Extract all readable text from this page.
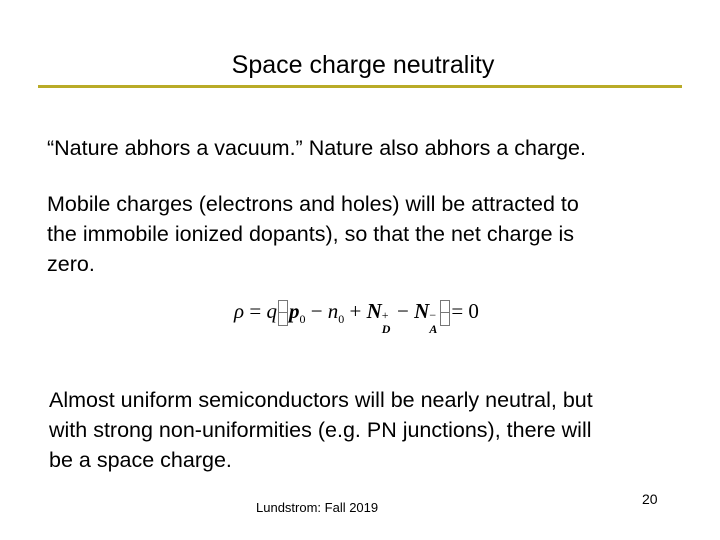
Space charge neutrality

“Nature abhors a vacuum.” Nature also abhors a charge.

Mobile charges (electrons and holes) will be attracted to
the immobile ionized dopants), so that the net charge is
zero.

ρ = q $p_0 - n_0 + N$ +
D
− N −
A
= 0

Almost uniform semiconductors will be nearly neutral, but
with strong non-uniformities (e.g. PN junctions), there will
be a space charge.

Lundstrom: Fall 2019
20
